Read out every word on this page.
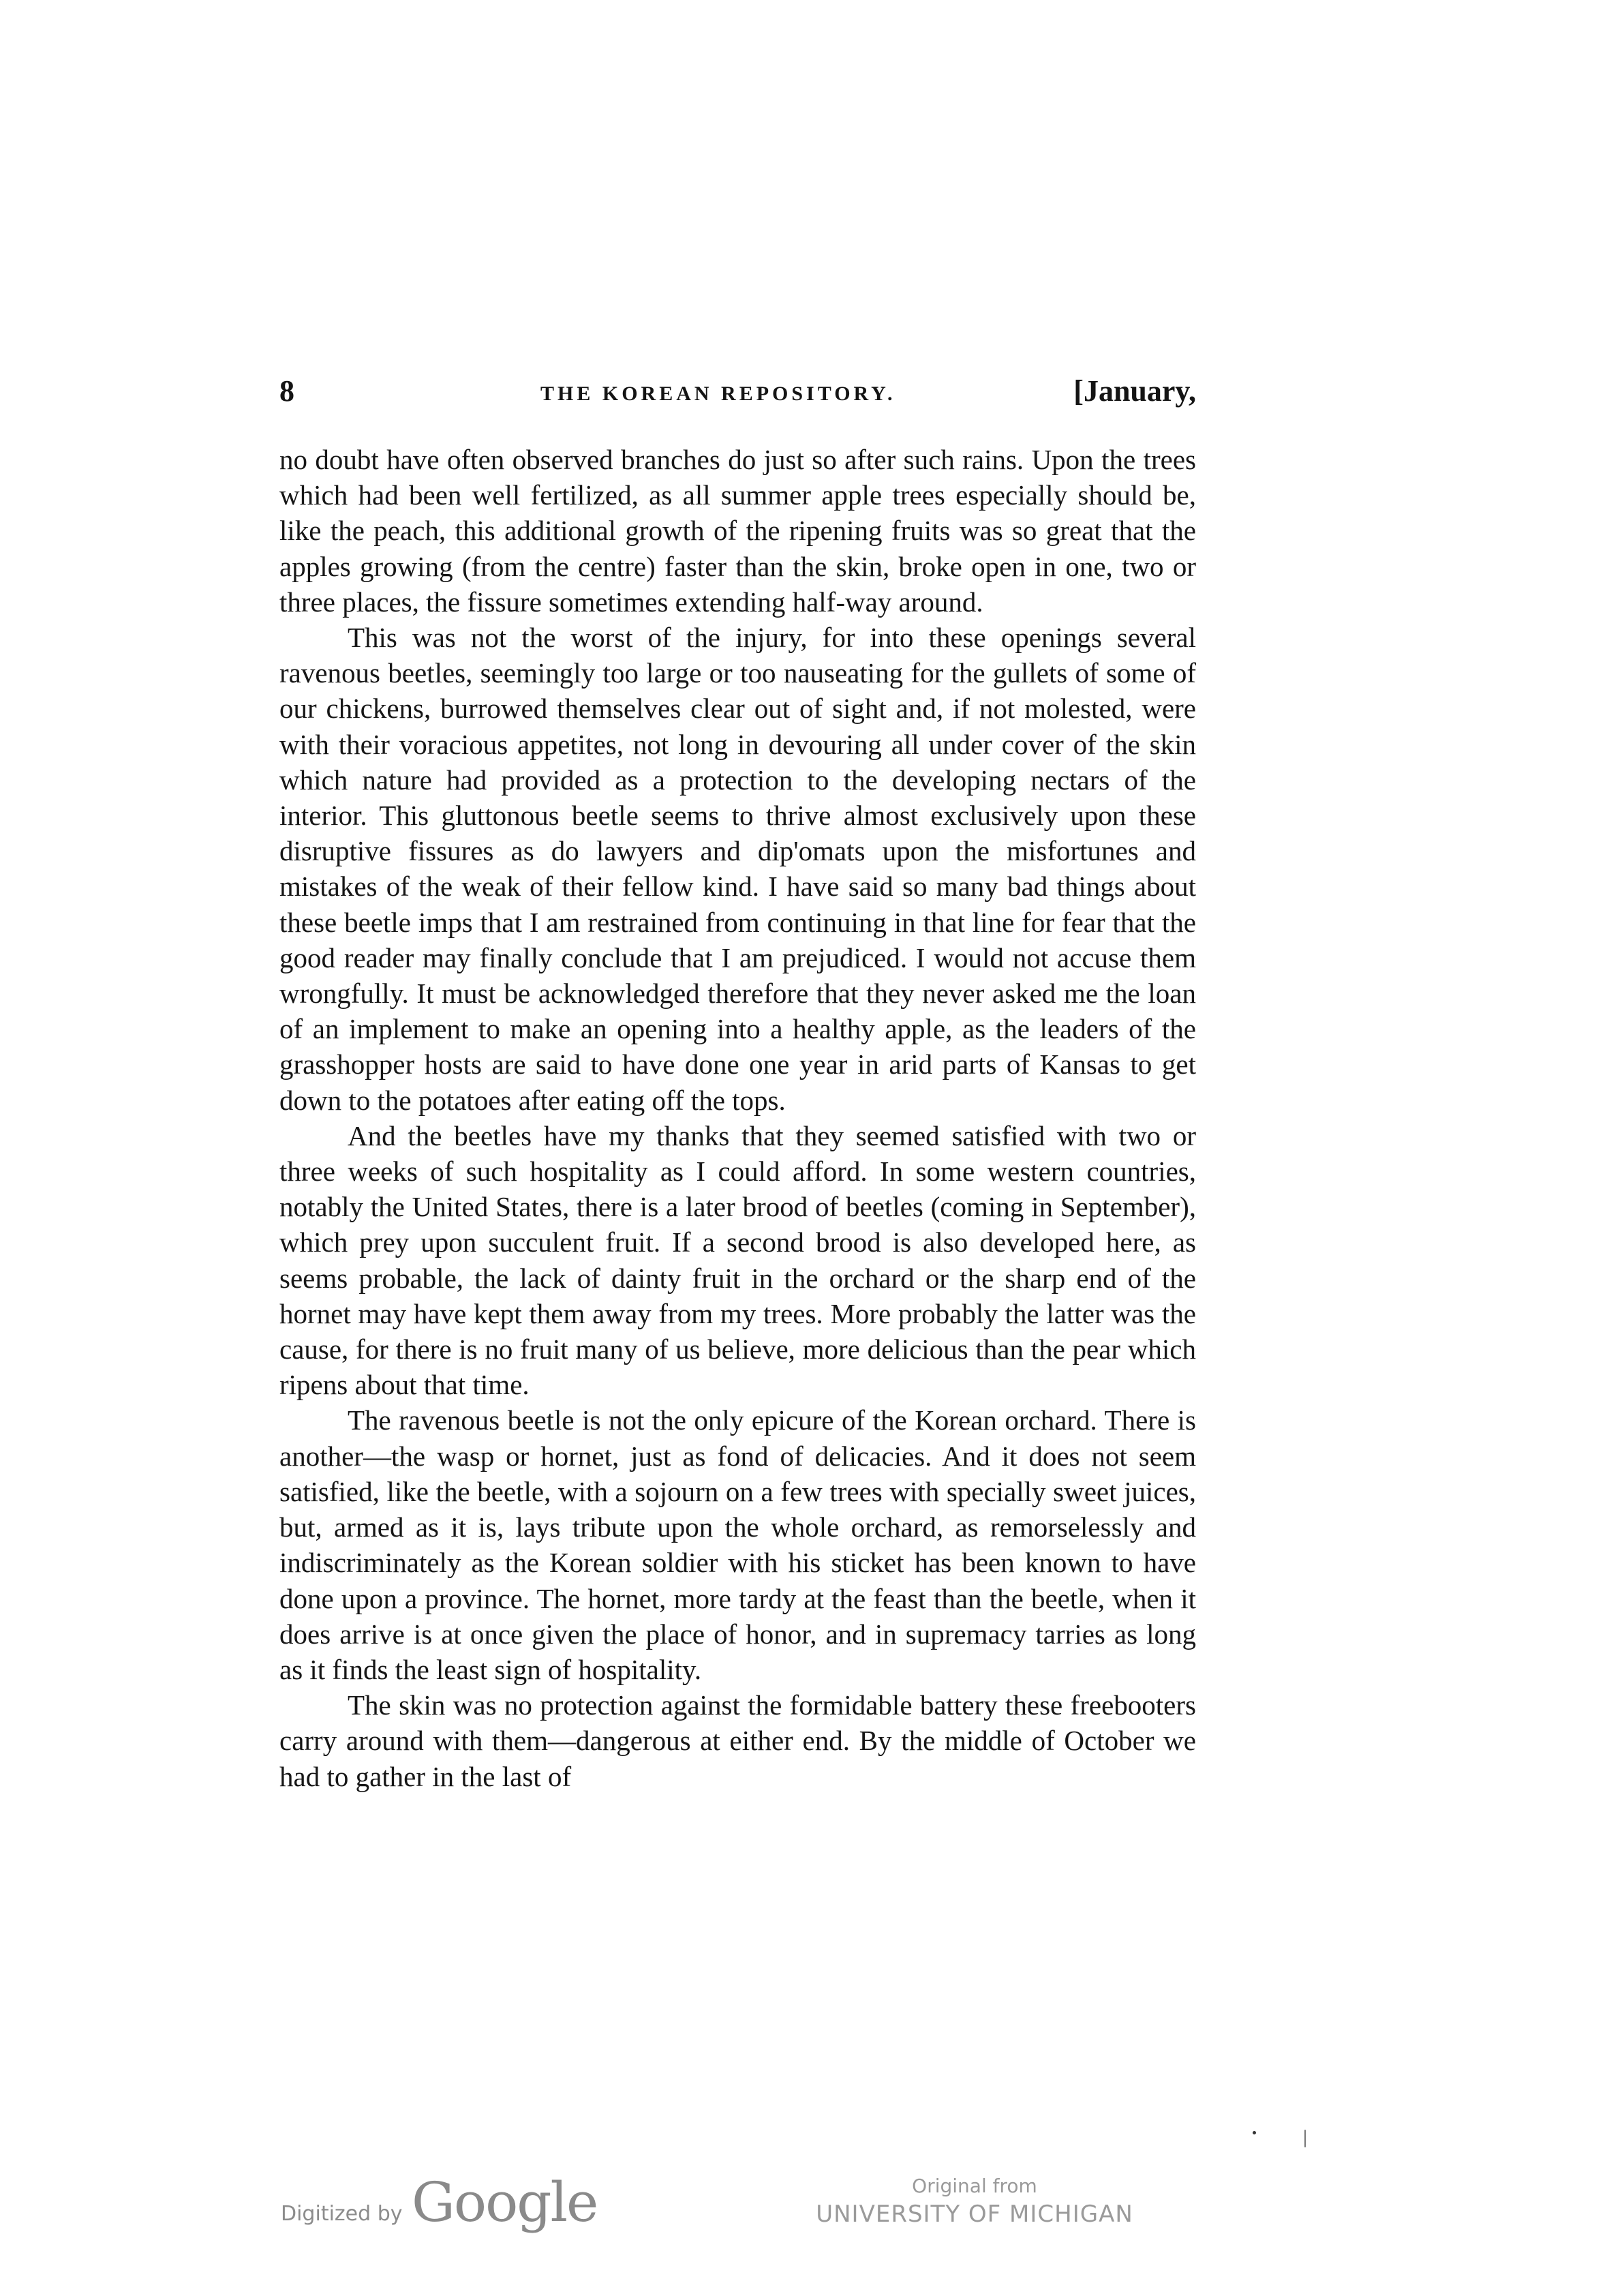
8	THE KOREAN REPOSITORY.	[January,

no doubt have often observed branches do just so after such rains. Upon the trees which had been well fertilized, as all summer apple trees especially should be, like the peach, this additional growth of the ripening fruits was so great that the apples growing (from the centre) faster than the skin, broke open in one, two or three places, the fissure sometimes extending half-way around.

This was not the worst of the injury, for into these openings several ravenous beetles, seemingly too large or too nauseating for the gullets of some of our chickens, burrowed themselves clear out of sight and, if not molested, were with their voracious appetites, not long in devouring all under cover of the skin which nature had provided as a protection to the developing nectars of the interior. This gluttonous beetle seems to thrive almost exclusively upon these disruptive fissures as do lawyers and dip'omats upon the misfortunes and mistakes of the weak of their fellow kind. I have said so many bad things about these beetle imps that I am restrained from continuing in that line for fear that the good reader may finally conclude that I am prejudiced. I would not accuse them wrongfully. It must be acknowledged therefore that they never asked me the loan of an implement to make an opening into a healthy apple, as the leaders of the grasshopper hosts are said to have done one year in arid parts of Kansas to get down to the potatoes after eating off the tops.

And the beetles have my thanks that they seemed satisfied with two or three weeks of such hospitality as I could afford. In some western countries, notably the United States, there is a later brood of beetles (coming in September), which prey upon succulent fruit. If a second brood is also developed here, as seems probable, the lack of dainty fruit in the orchard or the sharp end of the hornet may have kept them away from my trees. More probably the latter was the cause, for there is no fruit many of us believe, more delicious than the pear which ripens about that time.

The ravenous beetle is not the only epicure of the Korean orchard. There is another—the wasp or hornet, just as fond of delicacies. And it does not seem satisfied, like the beetle, with a sojourn on a few trees with specially sweet juices, but, armed as it is, lays tribute upon the whole orchard, as remorselessly and indiscriminately as the Korean soldier with his sticket has been known to have done upon a province. The hornet, more tardy at the feast than the beetle, when it does arrive is at once given the place of honor, and in supremacy tarries as long as it finds the least sign of hospitality.

The skin was no protection against the formidable battery these freebooters carry around with them—dangerous at either end. By the middle of October we had to gather in the last of

Digitized by Google	Original from
UNIVERSITY OF MICHIGAN
